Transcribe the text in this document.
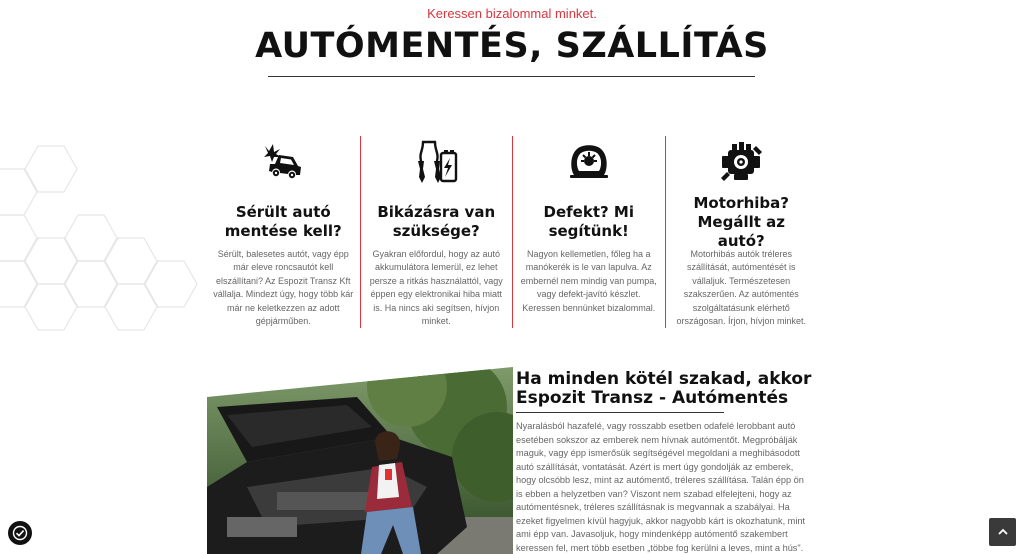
Keressen bizalommal minket.
AUTÓMENTÉS, SZÁLLÍTÁS
Sérült autó mentése kell?

Sérült, balesetes autót, vagy épp már eleve roncsautót kell elszállítani? Az Espozit Transz Kft vállalja. Mindezt úgy, hogy több kár már ne keletkezzen az adott gépjárműben.

Bikázásra van szüksége?

Gyakran előfordul, hogy az autó akkumulátora lemerül, ez lehet persze a ritkás használattól, vagy éppen egy elektronikai hiba miatt is. Ha nincs aki segítsen, hívjon minket.

Defekt? Mi segítünk!

Nagyon kellemetlen, főleg ha a manókerék is le van lapulva. Az embernél nem mindig van pumpa, vagy defekt-javító készlet. Keressen bennünket bizalommal.

Motorhiba? Megállt az autó?

Motorhibás autók tréleres szállítását, autómentését is vállaljuk. Természetesen szakszerűen. Az autómentés szolgáltatásunk elérhető országosan. Írjon, hívjon minket.

Ha minden kötél szakad, akkor Espozit Transz - Autómentés

Nyaralásból hazafelé, vagy rosszabb esetben odafelé lerobbant autó esetében sokszor az emberek nem hívnak autómentőt. Megpróbálják maguk, vagy épp ismerősük segítségével megoldani a meghibásodott autó szállítását, vontatását. Azért is mert úgy gondolják az emberek, hogy olcsóbb lesz, mint az autómentő, tréleres szállítása. Talán épp ön is ebben a helyzetben van? Viszont nem szabad elfelejteni, hogy az autómentésnek, tréleres szállításnak is megvannak a szabályai. Ha ezeket figyelmen kívül hagyjuk, akkor nagyobb kárt is okozhatunk, mint ami épp van. Javasoljuk, hogy mindenképp autómentő szakembert keressen fel, mert több esetben „többe fog kerülni a leves, mint a hús".
